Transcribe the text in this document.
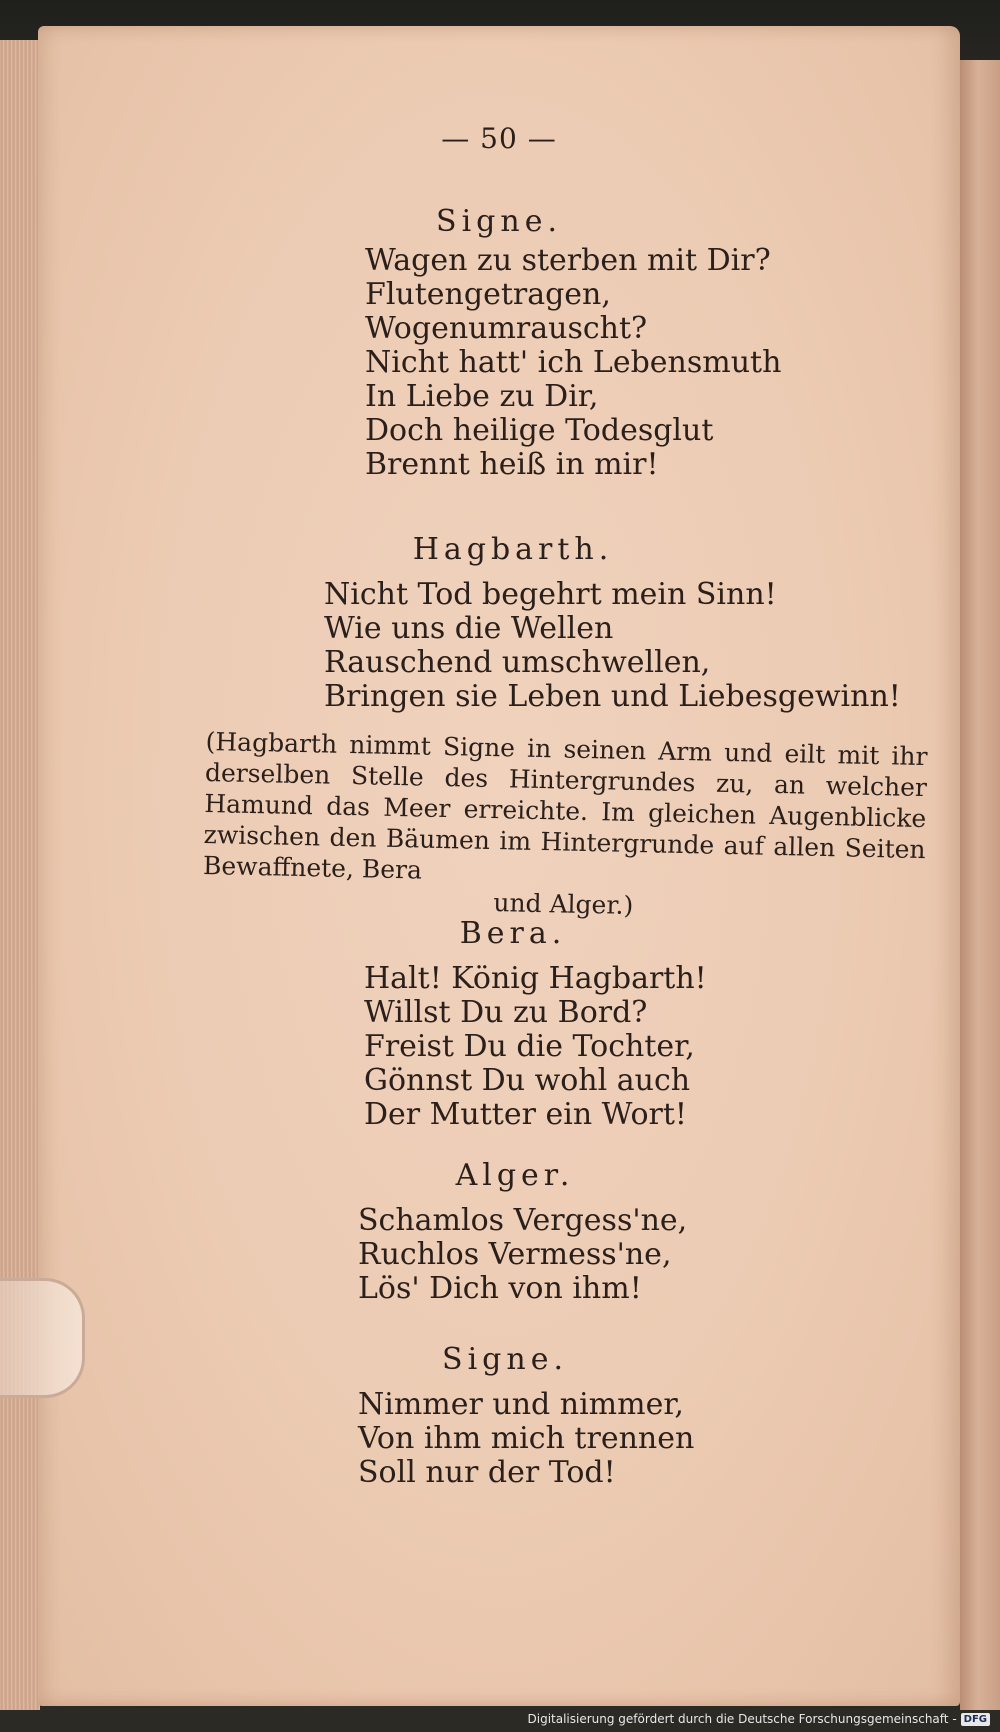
— 50 —
Signe.
Wagen zu sterben mit Dir?
Flutengetragen,
Wogenumrauscht?
Nicht hatt' ich Lebensmuth
In Liebe zu Dir,
Doch heilige Todesglut
Brennt heiß in mir!
Hagbarth.
Nicht Tod begehrt mein Sinn!
Wie uns die Wellen
Rauschend umschwellen,
Bringen sie Leben und Liebesgewinn!
(Hagbarth nimmt Signe in seinen Arm und eilt mit ihr derselben Stelle des Hintergrundes zu, an welcher Hamund das Meer erreichte. Im gleichen Augenblicke zwischen den Bäumen im Hintergrunde auf allen Seiten Bewaffnete, Bera
und Alger.)
Bera.
Halt! König Hagbarth!
Willst Du zu Bord?
Freist Du die Tochter,
Gönnst Du wohl auch
Der Mutter ein Wort!
Alger.
Schamlos Vergess'ne,
Ruchlos Vermess'ne,
Lös' Dich von ihm!
Signe.
Nimmer und nimmer,
Von ihm mich trennen
Soll nur der Tod!
Digitalisierung gefördert durch die Deutsche Forschungsgemeinschaft - DFG
